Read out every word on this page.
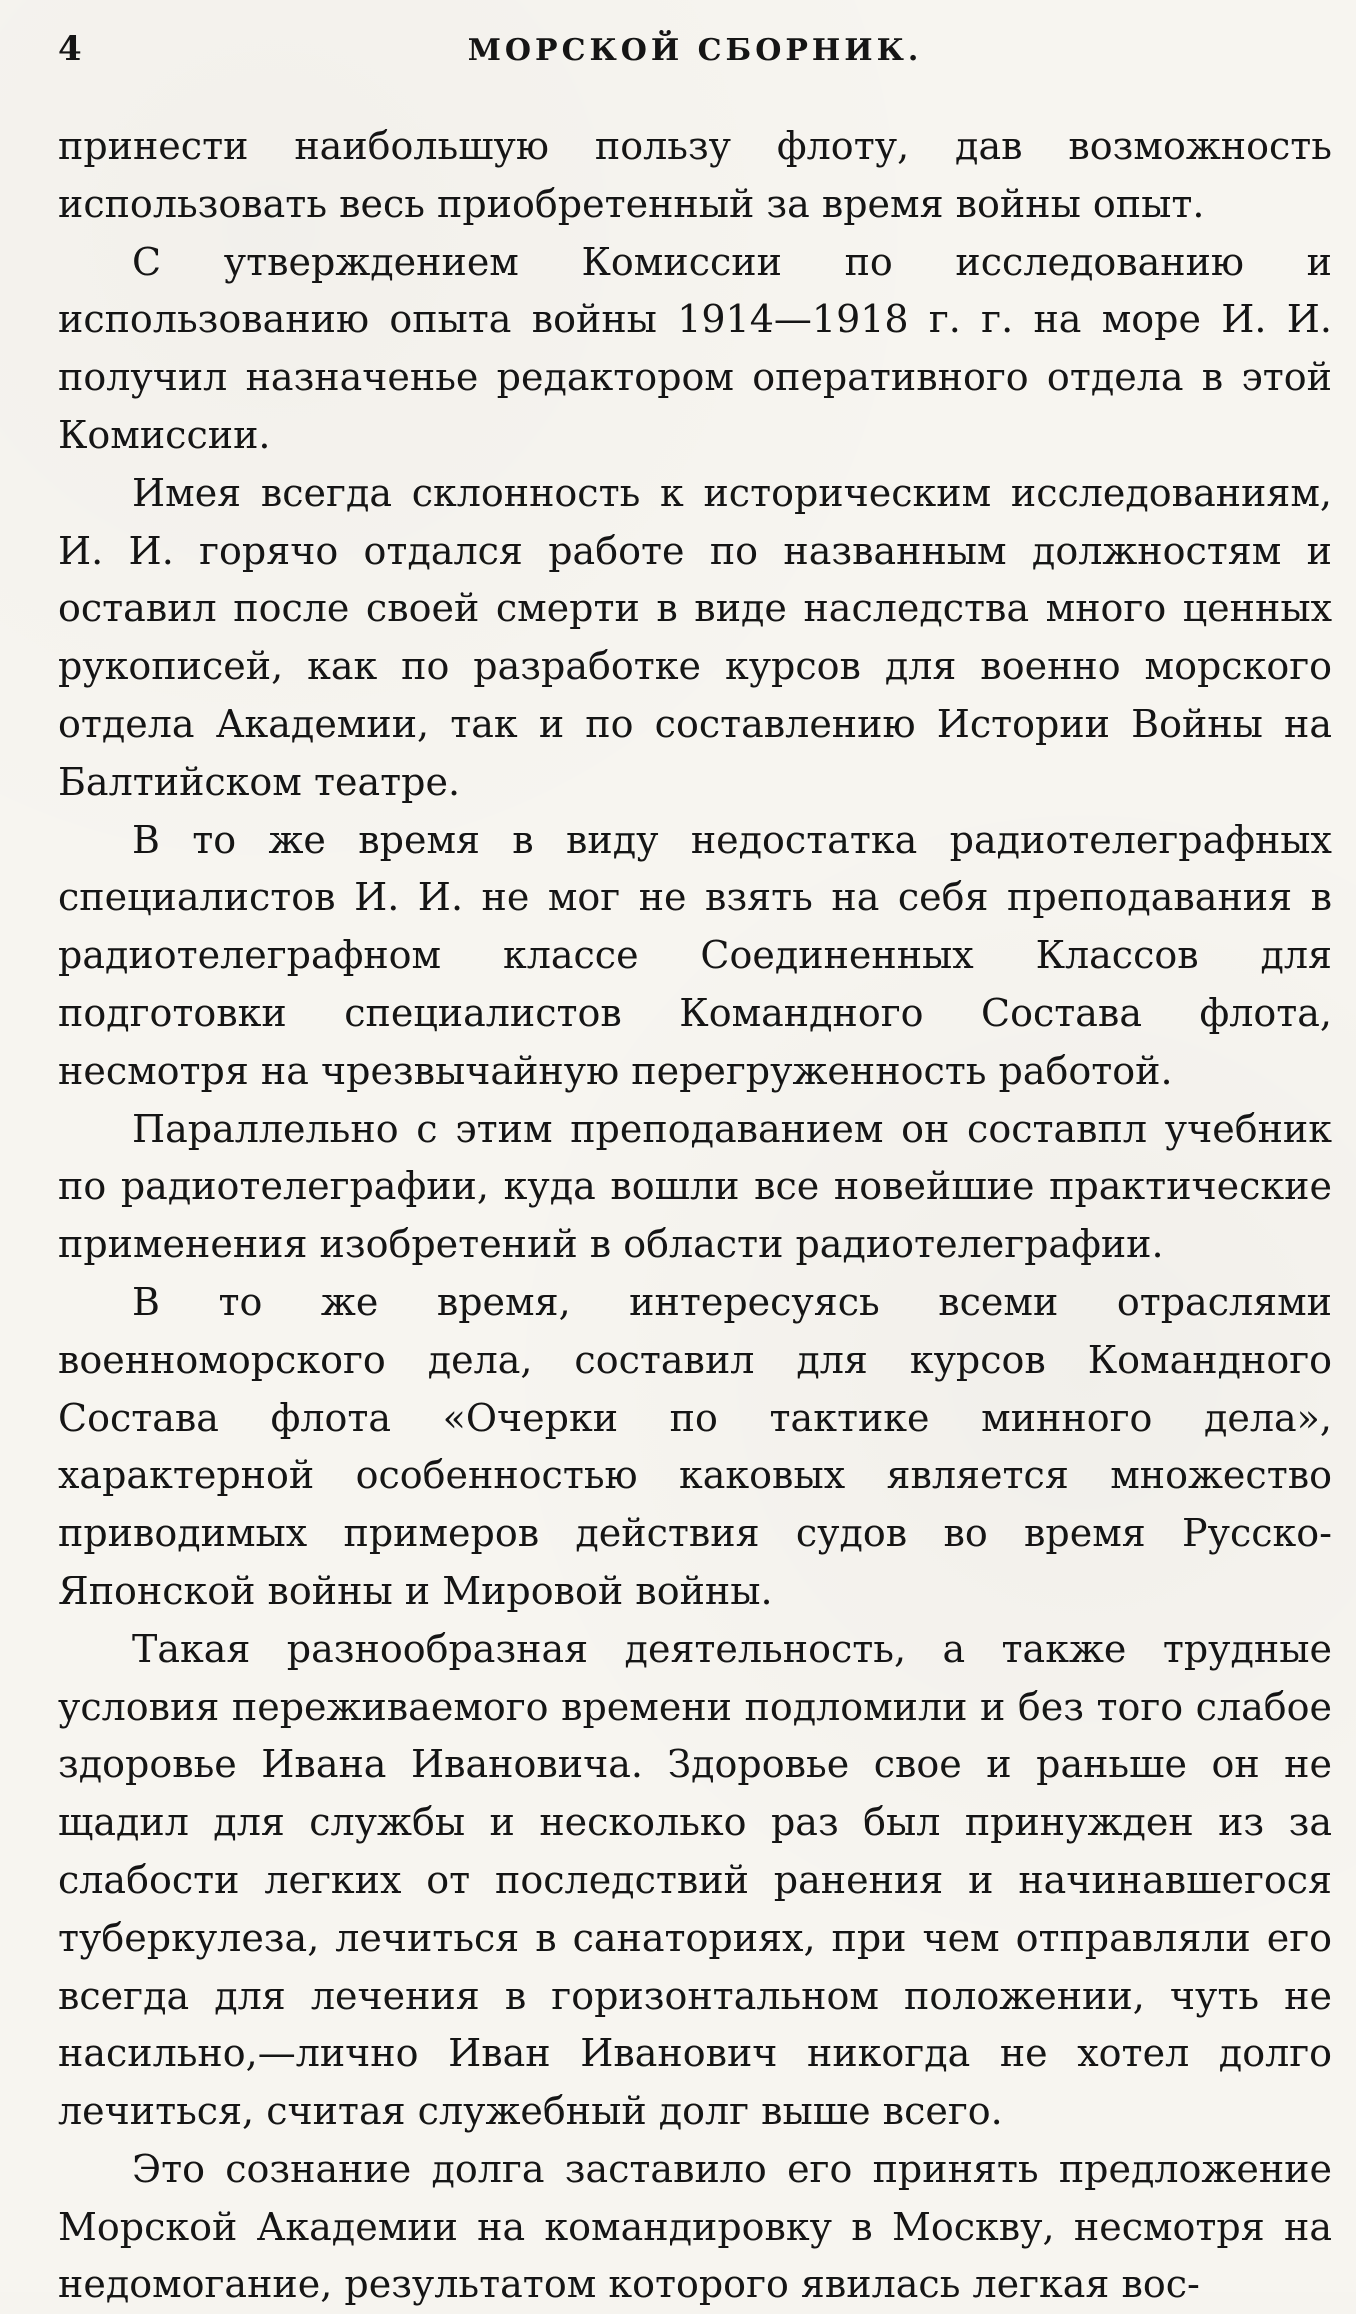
4	МОРСКОЙ СБОРНИК.

принести наибольшую пользу флоту, дав возможность использовать весь приобретенный за время войны опыт.

С утверждением Комиссии по исследованию и использованию опыта войны 1914—1918 г. г. на море И. И. получил назначенье редактором оперативного отдела в этой Комиссии.

Имея всегда склонность к историческим исследованиям, И. И. горячо отдался работе по названным должностям и оставил после своей смерти в виде наследства много ценных рукописей, как по разработке курсов для военно морского отдела Академии, так и по составлению Истории Войны на Балтийском театре.

В то же время в виду недостатка радиотелеграфных специалистов И. И. не мог не взять на себя преподавания в радиотелеграфном классе Соединенных Классов для подготовки специалистов Командного Состава флота, несмотря на чрезвычайную перегруженность работой.

Параллельно с этим преподаванием он составпл учебник по радиотелеграфии, куда вошли все новейшие практические применения изобретений в области радиотелеграфии.

В то же время, интересуясь всеми отраслями военноморского дела, составил для курсов Командного Состава флота «Очерки по тактике минного дела», характерной особенностью каковых является множество приводимых примеров действия судов во время Русско-Японской войны и Мировой войны.

Такая разнообразная деятельность, а также трудные условия переживаемого времени подломили и без того слабое здоровье Ивана Ивановича. Здоровье свое и раньше он не щадил для службы и несколько раз был принужден из за слабости легких от последствий ранения и начинавшегося туберкулеза, лечиться в санаториях, при чем отправляли его всегда для лечения в горизонтальном положении, чуть не насильно,—лично Иван Иванович никогда не хотел долго лечиться, считая служебный долг выше всего.

Это сознание долга заставило его принять предложение Морской Академии на командировку в Москву, несмотря на недомогание, результатом которого явилась легкая вос-
